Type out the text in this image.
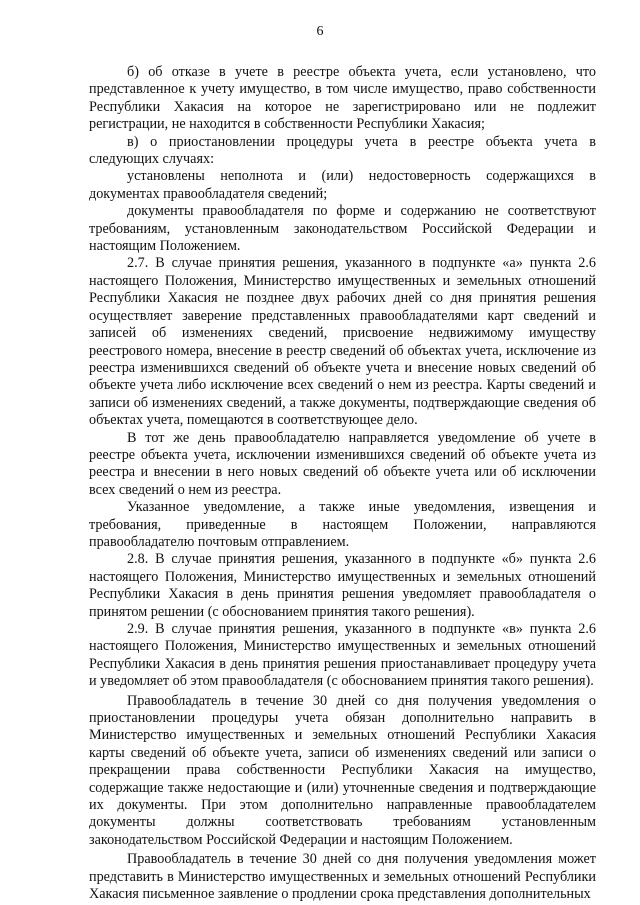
6

б) об отказе в учете в реестре объекта учета, если установлено, что представленное к учету имущество, в том числе имущество, право собственности Республики Хакасия на которое не зарегистрировано или не подлежит регистрации, не находится в собственности Республики Хакасия;

в) о приостановлении процедуры учета в реестре объекта учета в следующих случаях:

установлены неполнота и (или) недостоверность содержащихся в документах правообладателя сведений;

документы правообладателя по форме и содержанию не соответствуют требованиям, установленным законодательством Российской Федерации и настоящим Положением.

2.7. В случае принятия решения, указанного в подпункте «а» пункта 2.6 настоящего Положения, Министерство имущественных и земельных отношений Республики Хакасия не позднее двух рабочих дней со дня принятия решения осуществляет заверение представленных правообладателями карт сведений и записей об изменениях сведений, присвоение недвижимому имуществу реестрового номера, внесение в реестр сведений об объектах учета, исключение из реестра изменившихся сведений об объекте учета и внесение новых сведений об объекте учета либо исключение всех сведений о нем из реестра. Карты сведений и записи об изменениях сведений, а также документы, подтверждающие сведения об объектах учета, помещаются в соответствующее дело.

В тот же день правообладателю направляется уведомление об учете в реестре объекта учета, исключении изменившихся сведений об объекте учета из реестра и внесении в него новых сведений об объекте учета или об исключении всех сведений о нем из реестра.

Указанное уведомление, а также иные уведомления, извещения и требования, приведенные в настоящем Положении, направляются правообладателю почтовым отправлением.

2.8. В случае принятия решения, указанного в подпункте «б» пункта 2.6 настоящего Положения, Министерство имущественных и земельных отношений Республики Хакасия в день принятия решения уведомляет правообладателя о принятом решении (с обоснованием принятия такого решения).

2.9. В случае принятия решения, указанного в подпункте «в» пункта 2.6 настоящего Положения, Министерство имущественных и земельных отношений Республики Хакасия в день принятия решения приостанавливает процедуру учета и уведомляет об этом правообладателя (с обоснованием принятия такого решения).

Правообладатель в течение 30 дней со дня получения уведомления о приостановлении процедуры учета обязан дополнительно направить в Министерство имущественных и земельных отношений Республики Хакасия карты сведений об объекте учета, записи об изменениях сведений или записи о прекращении права собственности Республики Хакасия на имущество, содержащие также недостающие и (или) уточненные сведения и подтверждающие их документы. При этом дополнительно направленные правообладателем документы должны соответствовать требованиям установленным законодательством Российской Федерации и настоящим Положением.

Правообладатель в течение 30 дней со дня получения уведомления может представить в Министерство имущественных и земельных отношений Республики Хакасия письменное заявление о продлении срока представления дополнительных
